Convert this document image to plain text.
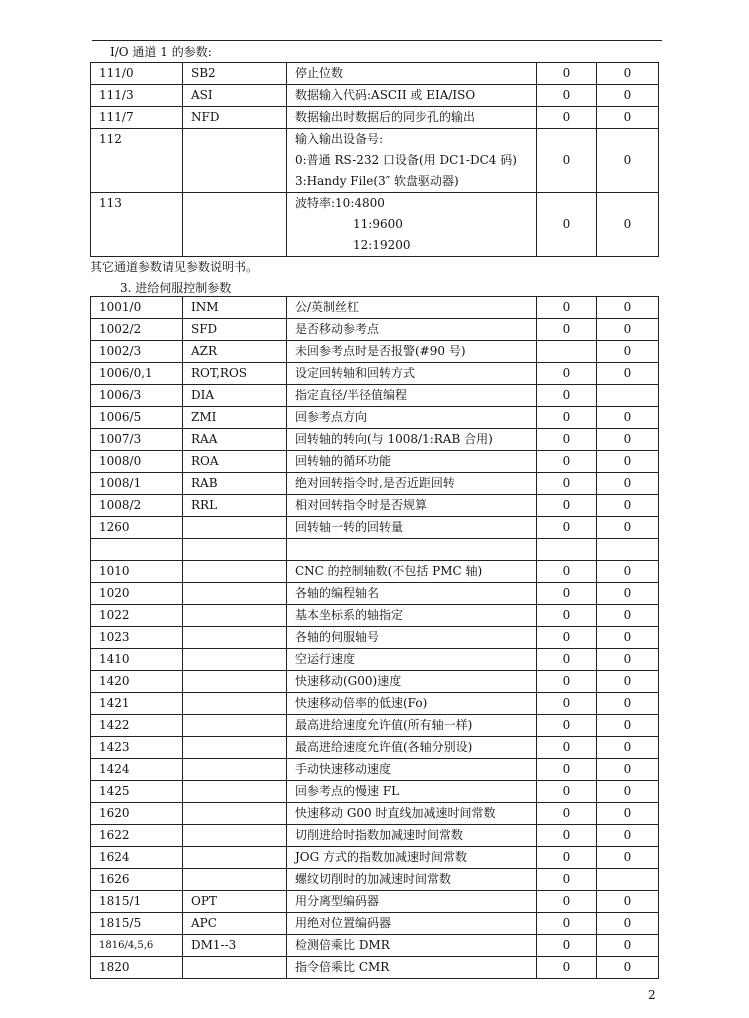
I/O 通道 1 的参数:
111/0	SB2	停止位数	0	0
111/3	ASI	数据输入代码:ASCII 或 EIA/ISO	0	0
111/7	NFD	数据输出时数据后的同步孔的输出	0	0
112		输入输出设备号:
0:普通 RS-232 口设备(用 DC1-DC4 码)
3:Handy File(3″ 软盘驱动器)	0	0
113		波特率:10:4800
11:9600
12:19200	0	0
其它通道参数请见参数说明书。
3. 进给伺服控制参数
1001/0	INM	公/英制丝杠	0	0
1002/2	SFD	是否移动参考点	0	0
1002/3	AZR	未回参考点时是否报警(#90 号)		0
1006/0,1	ROT,ROS	设定回转轴和回转方式	0	0
1006/3	DIA	指定直径/半径值编程	0	
1006/5	ZMI	回参考点方向	0	0
1007/3	RAA	回转轴的转向(与 1008/1:RAB 合用)	0	0
1008/0	ROA	回转轴的循环功能	0	0
1008/1	RAB	绝对回转指令时,是否近距回转	0	0
1008/2	RRL	相对回转指令时是否规算	0	0
1260		回转轴一转的回转量	0	0

1010		CNC 的控制轴数(不包括 PMC 轴)	0	0
1020		各轴的编程轴名	0	0
1022		基本坐标系的轴指定	0	0
1023		各轴的伺服轴号	0	0
1410		空运行速度	0	0
1420		快速移动(G00)速度	0	0
1421		快速移动倍率的低速(Fo)	0	0
1422		最高进给速度允许值(所有轴一样)	0	0
1423		最高进给速度允许值(各轴分别设)	0	0
1424		手动快速移动速度	0	0
1425		回参考点的慢速 FL	0	0
1620		快速移动 G00 时直线加减速时间常数	0	0
1622		切削进给时指数加减速时间常数	0	0
1624		JOG 方式的指数加减速时间常数	0	0
1626		螺纹切削时的加减速时间常数	0	
1815/1	OPT	用分离型编码器	0	0
1815/5	APC	用绝对位置编码器	0	0
1816/4,5,6	DM1--3	检测倍乘比 DMR	0	0
1820		指令倍乘比 CMR	0	0
2
